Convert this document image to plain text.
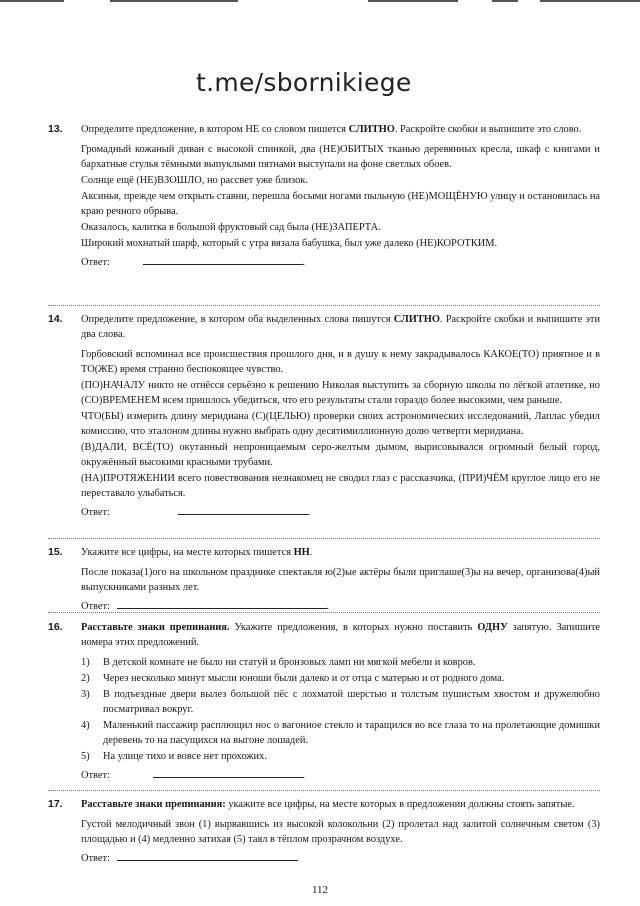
t.me/sbornikiege
13. Определите предложение, в котором НЕ со словом пишется СЛИТНО. Раскройте скобки и выпишите это слово.
Громадный кожаный диван с высокой спинкой, два (НЕ)ОБИТЫХ тканью деревянных кресла, шкаф с книгами и бархатные стулья тёмными выпуклыми пятнами выступали на фоне светлых обоев.
Солнце ещё (НЕ)ВЗОШЛО, но рассвет уже близок.
Аксинья, прежде чем открыть ставни, перешла босыми ногами пыльную (НЕ)МОЩЁНУЮ улицу и остановилась на краю речного обрыва.
Оказалось, калитка в большой фруктовый сад была (НЕ)ЗАПЕРТА.
Широкий мохнатый шарф, который с утра вязала бабушка, был уже далеко (НЕ)КОРОТКИМ.
Ответ:	.
14. Определите предложение, в котором оба выделенных слова пишутся СЛИТНО. Раскройте скобки и выпишите эти два слова.
Горбовский вспоминал все происшествия прошлого дня, и в душу к нему закрадывалось КАКОЕ(ТО) приятное и в ТО(ЖЕ) время странно беспокоящее чувство.
(ПО)НАЧАЛУ никто не отнёсся серьёзно к решению Николая выступить за сборную школы по лёгкой атлетике, но (СО)ВРЕМЕНЕМ всем пришлось убедиться, что его результаты стали гораздо более высокими, чем раньше.
ЧТО(БЫ) измерить длину меридиана (С)(ЦЕЛЬЮ) проверки своих астрономических исследований, Лаплас убедил комиссию, что эталоном длины нужно выбрать одну десятимиллионную долю четверти меридиана.
(В)ДАЛИ, ВСЁ(ТО) окутанный непроницаемым серо-желтым дымом, вырисовывался огромный белый город, окружённый высокими красными трубами.
(НА)ПРОТЯЖЕНИИ всего повествования незнакомец не сводил глаз с рассказчика, (ПРИ)ЧЁМ круглое лицо его не переставало улыбаться.
Ответ:	.
15. Укажите все цифры, на месте которых пишется НН.
После показа(1)ого на школьном празднике спектакля ю(2)ые актёры были приглаше(3)ы на вечер, организова(4)ый выпускниками разных лет.
Ответ:	.
16. Расставьте знаки препинания. Укажите предложения, в которых нужно поставить ОДНУ запятую. Запишите номера этих предложений.
1)	В детской комнате не было ни статуй и бронзовых ламп ни мягкой мебели и ковров.
2)	Через несколько минут мысли юноши были далеко и от отца с матерью и от родного дома.
3)	В подъездные двери вылез большой пёс с лохматой шерстью и толстым пушистым хвостом и дружелюбно посматривал вокруг.
4)	Маленький пассажир расплющил нос о вагонное стекло и таращился во все глаза то на пролетающие домишки деревень то на пасущихся на выгоне лошадей.
5)	На улице тихо и вовсе нет прохожих.
Ответ:	.
17. Расставьте знаки препинания: укажите все цифры, на месте которых в предложении должны стоять запятые.
Густой мелодичный звон (1) вырвавшись из высокой колокольни (2) пролетал над залитой солнечным светом (3) площадью и (4) медленно затихая (5) таял в тёплом прозрачном воздухе.
Ответ:	.
112
